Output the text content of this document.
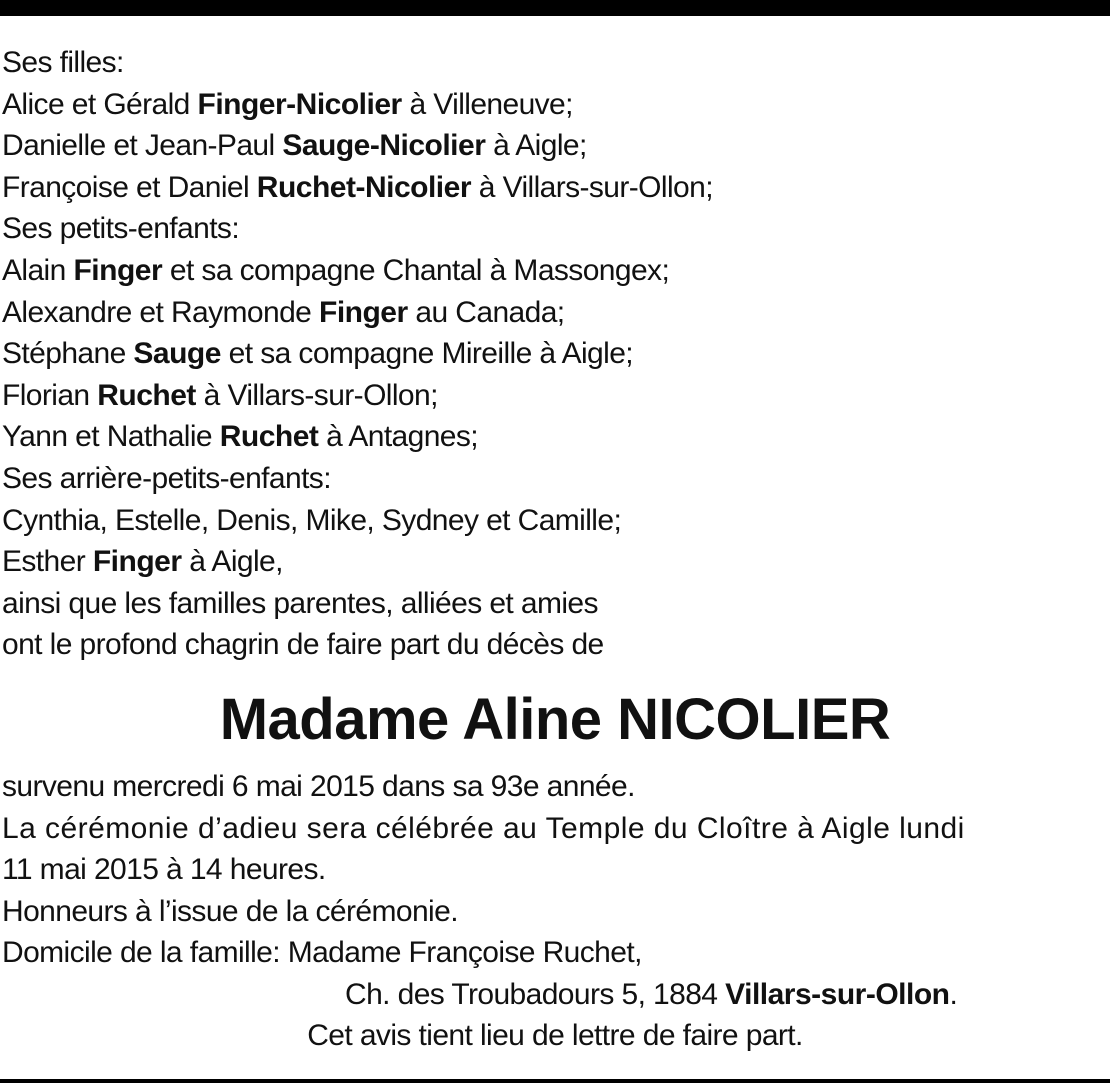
Ses filles:
Alice et Gérald Finger-Nicolier à Villeneuve;
Danielle et Jean-Paul Sauge-Nicolier à Aigle;
Françoise et Daniel Ruchet-Nicolier à Villars-sur-Ollon;
Ses petits-enfants:
Alain Finger et sa compagne Chantal à Massongex;
Alexandre et Raymonde Finger au Canada;
Stéphane Sauge et sa compagne Mireille à Aigle;
Florian Ruchet à Villars-sur-Ollon;
Yann et Nathalie Ruchet à Antagnes;
Ses arrière-petits-enfants:
Cynthia, Estelle, Denis, Mike, Sydney et Camille;
Esther Finger à Aigle,
ainsi que les familles parentes, alliées et amies
ont le profond chagrin de faire part du décès de
Madame Aline NICOLIER
survenu mercredi 6 mai 2015 dans sa 93e année.
La cérémonie d’adieu sera célébrée au Temple du Cloître à Aigle lundi
11 mai 2015 à 14 heures.
Honneurs à l’issue de la cérémonie.
Domicile de la famille: Madame Françoise Ruchet,
Ch. des Troubadours 5, 1884 Villars-sur-Ollon.
Cet avis tient lieu de lettre de faire part.
